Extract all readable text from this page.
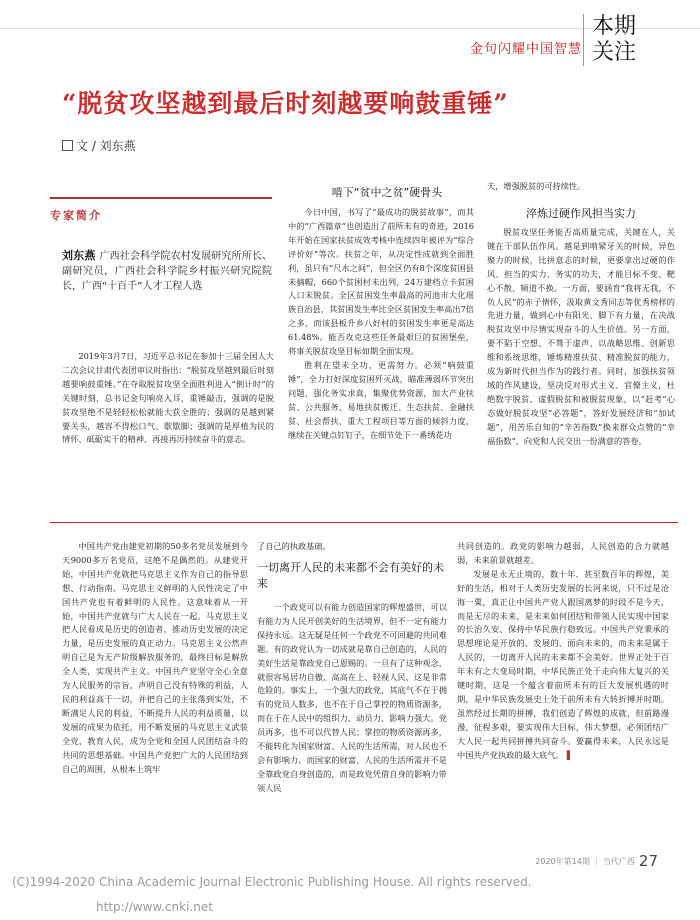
金句闪耀中国智慧
本期
关注
“脱贫攻坚越到最后时刻越要响鼓重锤”
文 / 刘东燕
专家简介
刘东燕 广西社会科学院农村发展研究所所长、副研究员，广西社会科学院乡村振兴研究院院长，广西“十百千”人才工程人选

2019年3月7日，习近平总书记在参加十三届全国人大二次会议甘肃代表团审议时指出：“脱贫攻坚越到最后时刻越要响鼓重锤。”在夺取脱贫攻坚全面胜利进入“倒计时”的关键时刻，总书记金句响亮入耳，重锤敲击，强调的是脱贫攻坚绝不是轻轻松松就能大获全胜的；强调的是越到紧要关头，越容不得松口气、歇歇脚；强调的是厚植为民的情怀、砥砺实干的精神、再接再厉持续奋斗的意志。

啃下“贫中之贫”硬骨头

今日中国，书写了“最成功的脱贫故事”，而其中的“广西篇章”也创造出了前所未有的奇迹，2016年开始在国家扶贫成效考核中连续四年被评为“综合评价好”等次。扶贫之年，从决定性成就到全面胜利，虽只有“尺水之间”，但全区仍有8个深度贫困县未摘帽，660个贫困村未出列，24万建档立卡贫困人口未脱贫。全区贫困发生率最高的河池市大化瑶族自治县，其贫困发生率比全区贫困发生率高出7倍之多，而该县板升乡八好村的贫困发生率更是高达61.48%。能否攻克这些任务最艰巨的贫困堡垒，将事关脱贫攻坚目标如期全面实现。

胜利在望未全功，更需努力。必须“响鼓重锤”，全力打好深度贫困歼灭战，瞄准薄弱环节突出问题，强化务实求真，集聚优势资源，加大产业扶贫、公共服务、易地扶贫搬迁、生态扶贫、金融扶贫、社会帮扶、重大工程项目等方面的倾斜力度，继续在关键点钉钉子，在细节处下一番绣花功

夫，增强脱贫的可持续性。

淬炼过硬作风担当实力

脱贫攻坚任务能否高质量完成，关键在人，关键在干部队伍作风。越是到啃紧牙关的时候，异色聚力的时候，比拼意志的时候，更要拿出过硬的作风、担当的实力、务实的功夫，才能目标不变、靶心不散、频道不换。一方面，要涵育“我将无我，不负人民”的赤子情怀，汲取黄文秀同志等优秀榜样的先进力量，做到心中有阳光、脚下有力量，在决战脱贫攻坚中尽情实现奋斗的人生价值。另一方面，要不陷于空想、不骛于虚声，以战略思维、创新思维和系统思维，锤炼精准扶贫、精准脱贫的能力，成为新时代担当作为的践行者。同时，加强扶贫领域的作风建设，坚决反对形式主义、官僚主义，杜绝数字脱贫、虚假脱贫和被脱贫现象，以“赶考”心态做好脱贫攻坚“必答题”，答好发展经济和“加试题”，用苦乐自知的“辛苦指数”换来群众点赞的“幸福指数”，向党和人民交出一份满意的答卷。

中国共产党由建党初期的50多名党员发展到今天9000多万名党员，这绝不是偶然的。从建党开始，中国共产党就把马克思主义作为自己的指导思想、行动指南。马克思主义鲜明的人民性决定了中国共产党也有着鲜明的人民性。这意味着从一开始，中国共产党就与广大人民在一起。马克思主义把人民看成是历史的创造者，推动历史发展的决定力量，是历史发展的真正动力。马克思主义公然声明自己是为无产阶级解放服务的，最终目标是解放全人类，实现共产主义。中国共产党坚守全心全意为人民服务的宗旨，声明自己没有特殊的利益，人民的利益高于一切，并把自己的主张落到实处，不断满足人民的利益，不断提升人民的利益质量，以发展的成果为依托，用不断发展的马克思主义武装全党，教育人民，成为全党和全国人民团结奋斗的共同的思想基础。中国共产党把广大的人民团结到自己的周围，从根本上筑牢

了自己的执政基础。

一切离开人民的未来都不会有美好的未来

一个政党可以有能力创造国家的辉煌盛世，可以有能力为人民开创美好的生活境界，但不一定有能力保持永远。这无疑是任何一个政党不可回避的共同难题。有的政党认为一切成就是靠自己创造的，人民的美好生活是靠政党自己恩赐的。一旦有了这种观念，就很容易居功自傲、高高在上、轻视人民，这是非常危险的。事实上，一个强大的政党，其底气不在于拥有的党员人数多，也不在于自己掌控的物质资源多，而在于在人民中的组织力、动员力、影响力强大。党员再多，也不可以代替人民；掌控的物质资源再多，不能转化为国家财富、人民的生活所需，对人民也不会有影响力。而国家的财富、人民的生活所需并不是全靠政党自身创造的，而是政党凭借自身的影响力带领人民

共同创造的。政党的影响力越弱，人民创造的合力就越弱，未来前景就越差。

发展是永无止境的，数十年、甚至数百年的辉煌，美好的生活，相对于人类历史发展的长河来说，只不过是沧海一粟，真正让中国共产党人跟国离梦的时段不是今天，而是无尽的未来，是未来如何团结和带领人民实现中国家的长治久安、保持中华民族行稳致远。中国共产党秉承的思想理论是开放的、发展的、面向未来的，而未来是属于人民的，一切离开人民的未来都不会美好。世界正处于百年未有之大变局时期，中华民族正处于走向伟大复兴的关键时期，这是一个蕴含着前所未有的巨大发展机遇的时期，是中华民族发展史上处于前所未有大转折搏并时期。虽然经过长期的拼搏，我们创造了辉煌的成就，但前路漫漫，征程多艰，要实现伟大目标，伟大梦想，必须团结广大人民一起共同拼搏共同奋斗。要赢得未来，人民永远是中国共产党执政的最大底气。▐

2020年第14期 ｜ 当代广西 27
(C)1994-2020 China Academic Journal Electronic Publishing House. All rights reserved.http://www.cnki.net
